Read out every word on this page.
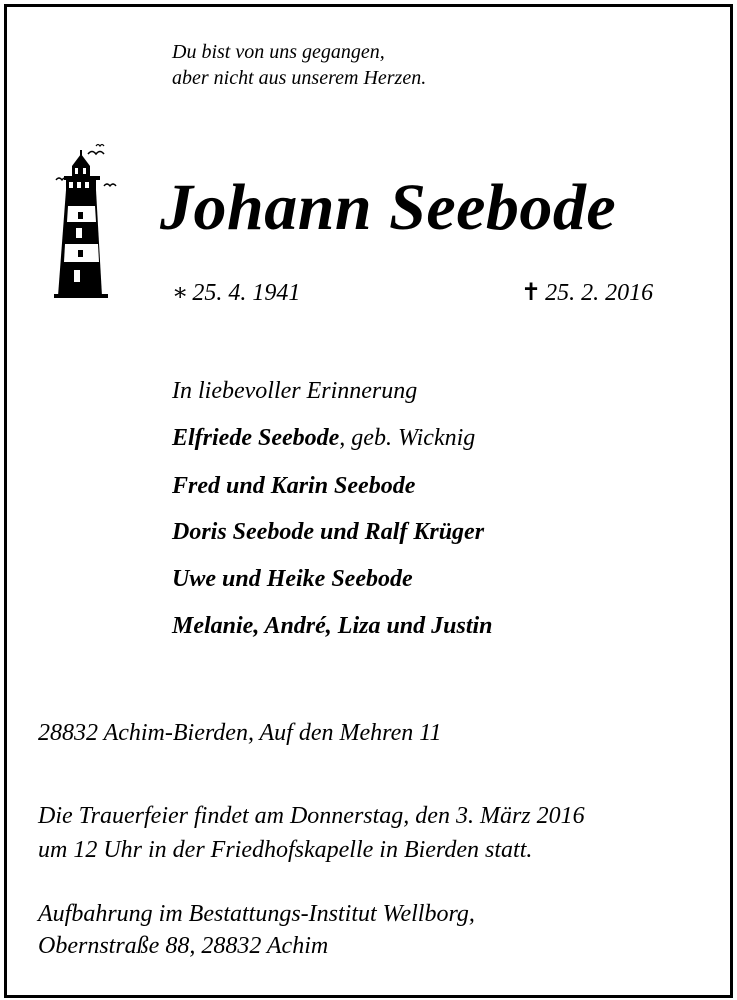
Du bist von uns gegangen,
aber nicht aus unserem Herzen.
Johann Seebode
∗ 25. 4. 1941	✝ 25. 2. 2016
In liebevoller Erinnerung
Elfriede Seebode, geb. Wicknig
Fred und Karin Seebode
Doris Seebode und Ralf Krüger
Uwe und Heike Seebode
Melanie, André, Liza und Justin
28832 Achim-Bierden, Auf den Mehren 11
Die Trauerfeier findet am Donnerstag, den 3. März 2016
um 12 Uhr in der Friedhofskapelle in Bierden statt.
Aufbahrung im Bestattungs-Institut Wellborg,
Obernstraße 88, 28832 Achim
